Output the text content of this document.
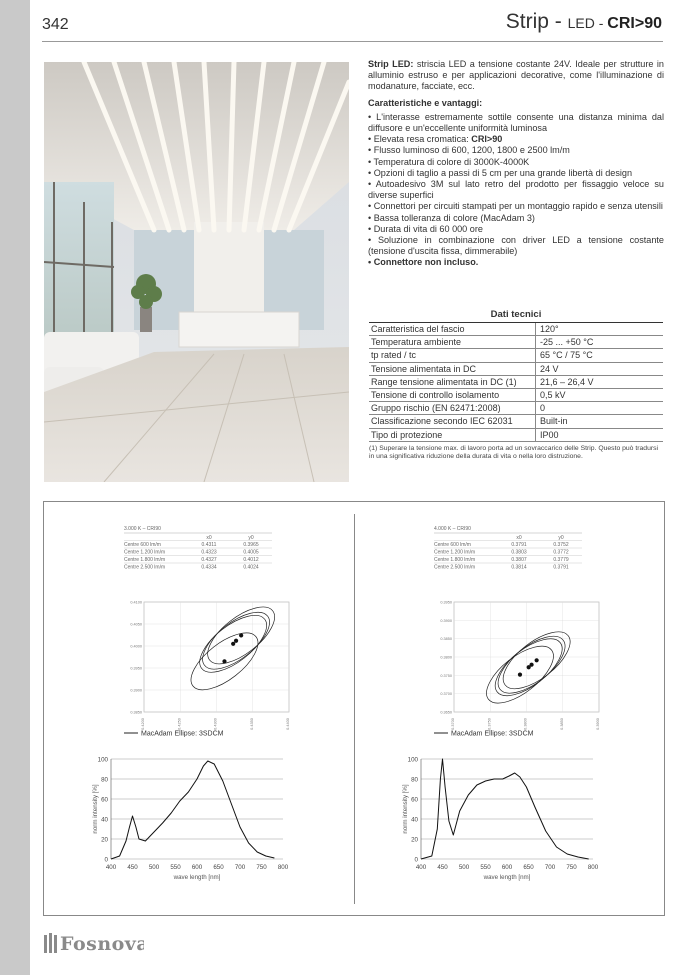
342	Strip - LED - CRI>90

Strip LED: striscia LED a tensione costante 24V. Ideale per strutture in alluminio estruso e per applicazioni decorative, come l'illuminazione di modanature, facciate, ecc.

Caratteristiche e vantaggi:

• L'interasse estremamente sottile consente una distanza minima dal diffusore e un'eccellente uniformità luminosa
• Elevata resa cromatica: CRI>90
• Flusso luminoso di 600, 1200, 1800 e 2500 lm/m
• Temperatura di colore di 3000K-4000K
• Opzioni di taglio a passi di 5 cm per una grande libertà di design
• Autoadesivo 3M sul lato retro del prodotto per fissaggio veloce su diverse superfici
• Connettori per circuiti stampati per un montaggio rapido e senza utensili
• Bassa tolleranza di colore (MacAdam 3)
• Durata di vita di 60 000 ore
• Soluzione in combinazione con driver LED a tensione costante (tensione d'uscita fissa, dimmerabile)
• Connettore non incluso.
Dati tecnici
Caratteristica del fascio	120°
Temperatura ambiente	-25 ... +50 °C
tp rated / tc	65 °C / 75 °C
Tensione alimentata in DC	24 V
Range tensione alimentata in DC (1)	21,6 – 26,4 V
Tensione di controllo isolamento	0,5 kV
Gruppo rischio (EN 62471:2008)	0
Classificazione secondo IEC 62031	Built-in
Tipo di protezione	IP00
(1) Superare la tensione max. di lavoro porta ad un sovraccarico delle Strip. Questo può tradursi in una significativa riduzione della durata di vita o nella loro distruzione.
3.000 K – CRI90
x0	y0
Centre 600 lm/m	0.4311	0.3965
Centre 1.200 lm/m	0.4323	0.4005
Centre 1.800 lm/m	0.4327	0.4012
Centre 2.500 lm/m	0.4334	0.4024
0.4200	0.4250	0.4300	0.4350	0.4400
0.4100
0.4050
0.4000
0.3950
0.3900
0.3850
MacAdam Ellipse: 3SDCM
0
20
40
60
80
100
400 450 500 550 600 650 700 750 800
wave length [nm]
norm intensity [%]
4.000 K – CRI90
x0	y0
Centre 600 lm/m	0.3791	0.3752
Centre 1.200 lm/m	0.3803	0.3772
Centre 1.800 lm/m	0.3807	0.3779
Centre 2.500 lm/m	0.3814	0.3791
0.3700	0.3750	0.3800	0.3850	0.3900
0.3950
0.3900
0.3850
0.3800
0.3750
0.3700
0.3650
MacAdam Ellipse: 3SDCM
0
20
40
60
80
100
400 450 500 550 600 650 700 750 800
wave length [nm]
norm intensity [%]
Fosnova
